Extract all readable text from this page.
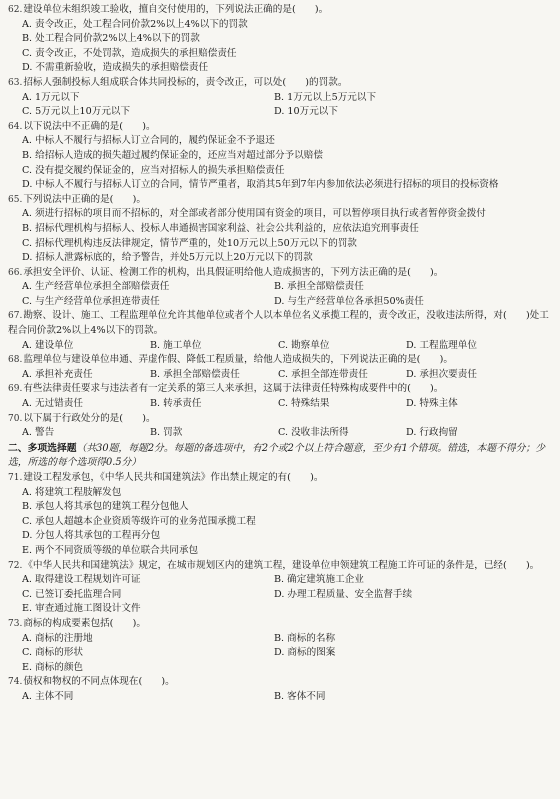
62.建设单位未组织竣工验收，擅自交付使用的，下列说法正确的是(　　)。
A. 责令改正，处工程合同价款2%以上4%以下的罚款
B. 处工程合同价款2%以上4%以下的罚款
C. 责令改正，不处罚款，造成损失的承担赔偿责任
D. 不需重新验收，造成损失的承担赔偿责任
63.招标人强制投标人组成联合体共同投标的，责令改正，可以处(　　)的罚款。
A. 1万元以下	B. 1万元以上5万元以下
C. 5万元以上10万元以下	D. 10万元以下
64.以下说法中不正确的是(　　)。
A. 中标人不履行与招标人订立合同的，履约保证金不予退还
B. 给招标人造成的损失超过履约保证金的，还应当对超过部分予以赔偿
C. 没有提交履约保证金的，应当对招标人的损失承担赔偿责任
D. 中标人不履行与招标人订立的合同，情节严重者，取消其5年到7年内参加依法必须进行招标的项目的投标资格
65.下列说法中正确的是(　　)。
A. 须进行招标的项目而不招标的，对全部或者部分使用国有资金的项目，可以暂停项目执行或者暂停资金拨付
B. 招标代理机构与招标人、投标人串通损害国家利益、社会公共利益的，应依法追究刑事责任
C. 招标代理机构违反法律规定，情节严重的，处10万元以上50万元以下的罚款
D. 招标人泄露标底的，给予警告，并处5万元以上20万元以下的罚款
66.承担安全评价、认证、检测工作的机构，出具假证明给他人造成损害的，下列方法正确的是(　　)。
A. 生产经营单位承担全部赔偿责任	B. 承担全部赔偿责任
C. 与生产经营单位承担连带责任	D. 与生产经营单位各承担50%责任
67.勘察、设计、施工、工程监理单位允许其他单位或者个人以本单位名义承揽工程的，责令改正，没收违法所得，对(　　)处工程合同价款2%以上4%以下的罚款。
A. 建设单位	B. 施工单位	C. 勘察单位	D. 工程监理单位
68.监理单位与建设单位串通、弄虚作假、降低工程质量，给他人造成损失的，下列说法正确的是(　　)。
A. 承担补充责任	B. 承担全部赔偿责任	C. 承担全部连带责任	D. 承担次要责任
69.有些法律责任要求与违法者有一定关系的第三人来承担，这属于法律责任特殊构成要件中的(　　)。
A. 无过错责任	B. 转承责任	C. 特殊结果	D. 特殊主体
70.以下属于行政处分的是(　　)。
A. 警告	B. 罚款	C. 没收非法所得	D. 行政拘留
二、多项选择题（共30题，每题2分。每题的备选项中，有2个或2个以上符合题意，至少有1个错项。错选，本题不得分；少选，所选的每个选项得0.5分）
71.建设工程发承包，《中华人民共和国建筑法》作出禁止规定的有(　　)。
A. 将建筑工程肢解发包
B. 承包人将其承包的建筑工程分包他人
C. 承包人超越本企业资质等级许可的业务范围承揽工程
D. 分包人将其承包的工程再分包
E. 两个不同资质等级的单位联合共同承包
72.《中华人民共和国建筑法》规定，在城市规划区内的建筑工程，建设单位申领建筑工程施工许可证的条件是，已经(　　)。
A. 取得建设工程规划许可证	B. 确定建筑施工企业
C. 已签订委托监理合同	D. 办理工程质量、安全监督手续
E. 审查通过施工图设计文件
73.商标的构成要素包括(　　)。
A. 商标的注册地	B. 商标的名称
C. 商标的形状	D. 商标的图案
E. 商标的颜色
74.债权和物权的不同点体现在(　　)。
A. 主体不同	B. 客体不同
